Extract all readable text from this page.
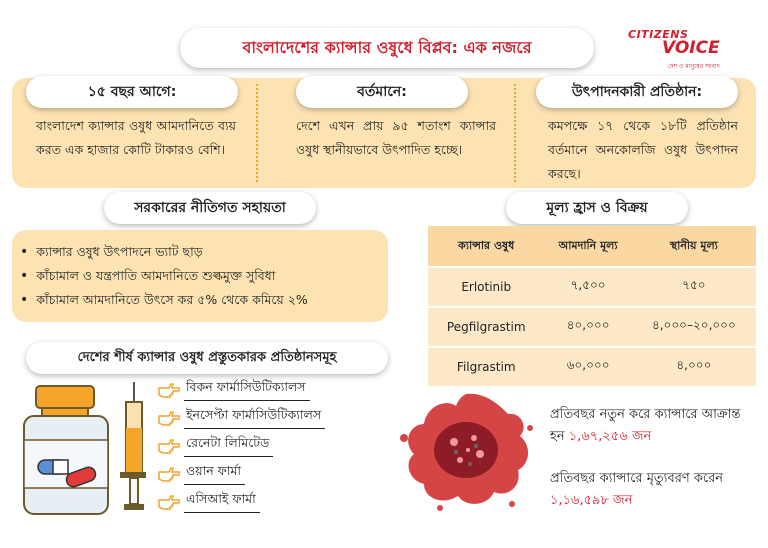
বাংলাদেশের ক্যান্সার ওষুধে বিপ্লব: এক নজরে
CITIZENS
VOICE
দেশ ও মানুষের সংবাদ
১৫ বছর আগে:	বর্তমানে:	উৎপাদনকারী প্রতিষ্ঠান:
বাংলাদেশ ক্যান্সার ওষুধ আমদানিতে ব্যয় করত এক হাজার কোটি টাকারও বেশি।
দেশে এখন প্রায় ৯৫ শতাংশ ক্যান্সার ওষুধ স্থানীয়ভাবে উৎপাদিত হচ্ছে।
কমপক্ষে ১৭ থেকে ১৮টি প্রতিষ্ঠান বর্তমানে অনকোলজি ওষুধ উৎপাদন করছে।
সরকারের নীতিগত সহায়তা
• ক্যান্সার ওষুধ উৎপাদনে ভ্যাট ছাড়
• কাঁচামাল ও যন্ত্রপাতি আমদানিতে শুল্কমুক্ত সুবিধা
• কাঁচামাল আমদানিতে উৎসে কর ৫% থেকে কমিয়ে ২%
মূল্য হ্রাস ও বিক্রয়
ক্যান্সার ওষুধ	আমদানি মূল্য	স্থানীয় মূল্য

Erlotinib	৭,৫০০	৭৫০

Pegfilgrastim	৪০,০০০	৪,০০০–২০,০০০

Filgrastim	৬০,০০০	৪,০০০
দেশের শীর্ষ ক্যান্সার ওষুধ প্রস্তুতকারক প্রতিষ্ঠানসমূহ
বিকন ফার্মাসিউটিক্যালস
ইনসেপ্টা ফার্মাসিউটিক্যালস
রেনেটা লিমিটেড
ওয়ান ফার্মা
এসিআই ফার্মা
প্রতিবছর নতুন করে ক্যান্সারে আক্রান্ত হন ১,৬৭,২৫৬ জন
প্রতিবছর ক্যান্সারে মৃত্যুবরণ করেন ১,১৬,৫৯৮ জন
